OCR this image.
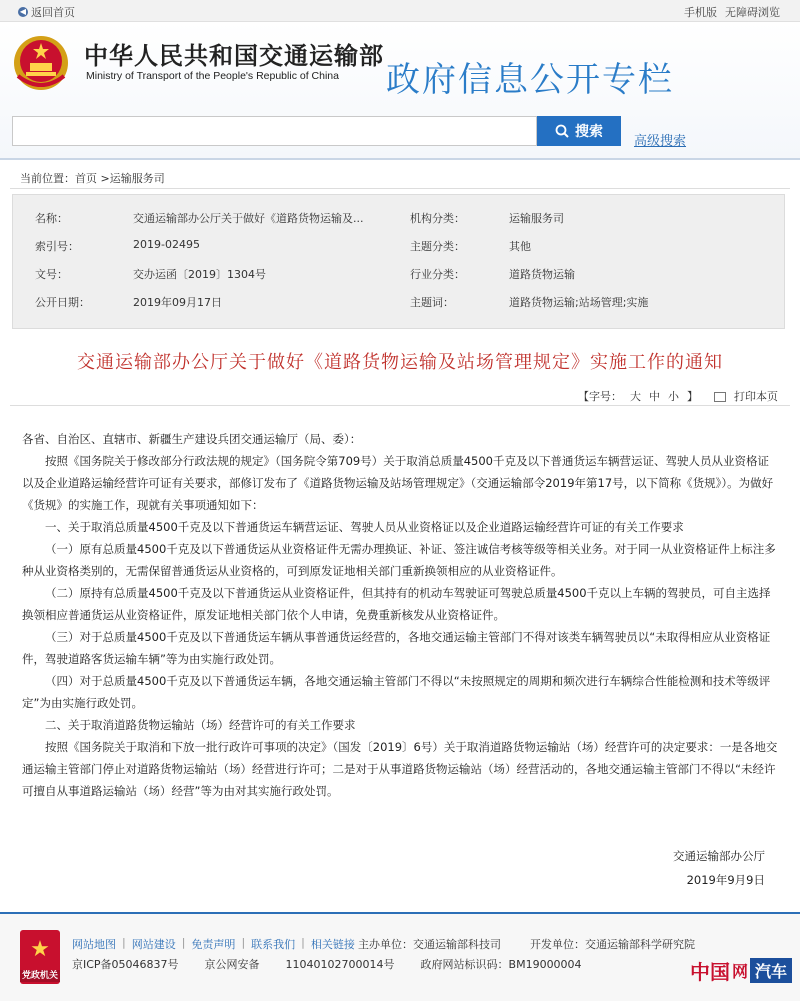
◀ 返回首页	手机版 无障碍浏览
中华人民共和国交通运输部
Ministry of Transport of the People's Republic of China 政府信息公开专栏
搜索
高级搜索
当前位置：首页 >运输服务司
名称：	交通运输部办公厅关于做好《道路货物运输及...	机构分类：	运输服务司
索引号：	2019-02495	主题分类：	其他
文号：	交办运函〔2019〕1304号	行业分类：	道路货物运输
公开日期：	2019年09月17日	主题词：	道路货物运输;站场管理;实施
交通运输部办公厅关于做好《道路货物运输及站场管理规定》实施工作的通知
【字号： 大 中 小 】	打印本页

各省、自治区、直辖市、新疆生产建设兵团交通运输厅（局、委）：

按照《国务院关于修改部分行政法规的规定》（国务院令第709号）关于取消总质量4500千克及以下普通货运车辆营运证、驾驶人员从业资格证以及企业道路运输经营许可证有关要求，部修订发布了《道路货物运输及站场管理规定》（交通运输部令2019年第17号，以下简称《货规》）。为做好《货规》的实施工作，现就有关事项通知如下：

一、关于取消总质量4500千克及以下普通货运车辆营运证、驾驶人员从业资格证以及企业道路运输经营许可证的有关工作要求

（一）原有总质量4500千克及以下普通货运从业资格证件无需办理换证、补证、签注诚信考核等级等相关业务。对于同一从业资格证件上标注多种从业资格类别的，无需保留普通货运从业资格的，可到原发证地相关部门重新换领相应的从业资格证件。

（二）原持有总质量4500千克及以下普通货运从业资格证件，但其持有的机动车驾驶证可驾驶总质量4500千克以上车辆的驾驶员，可自主选择换领相应普通货运从业资格证件，原发证地相关部门依个人申请，免费重新核发从业资格证件。

（三）对于总质量4500千克及以下普通货运车辆从事普通货运经营的，各地交通运输主管部门不得对该类车辆驾驶员以“未取得相应从业资格证件，驾驶道路客货运输车辆”等为由实施行政处罚。

（四）对于总质量4500千克及以下普通货运车辆，各地交通运输主管部门不得以“未按照规定的周期和频次进行车辆综合性能检测和技术等级评定”为由实施行政处罚。

二、关于取消道路货物运输站（场）经营许可的有关工作要求

按照《国务院关于取消和下放一批行政许可事项的决定》（国发〔2019〕6号）关于取消道路货物运输站（场）经营许可的决定要求：一是各地交通运输主管部门停止对道路货物运输站（场）经营进行许可；二是对于从事道路货物运输站（场）经营活动的，各地交通运输主管部门不得以“未经许可擅自从事道路运输站（场）经营”等为由对其实施行政处罚。

交通运输部办公厅
2019年9月9日
★
党政机关
网站地图 | 网站建设 | 免责声明 | 联系我们 | 相关链接 主办单位：交通运输部科技司	开发单位：交通运输部科学研究院
京ICP备05046837号 京公网安备 11040102700014号 政府网站标识码：BM19000004	中国 网 汽车
